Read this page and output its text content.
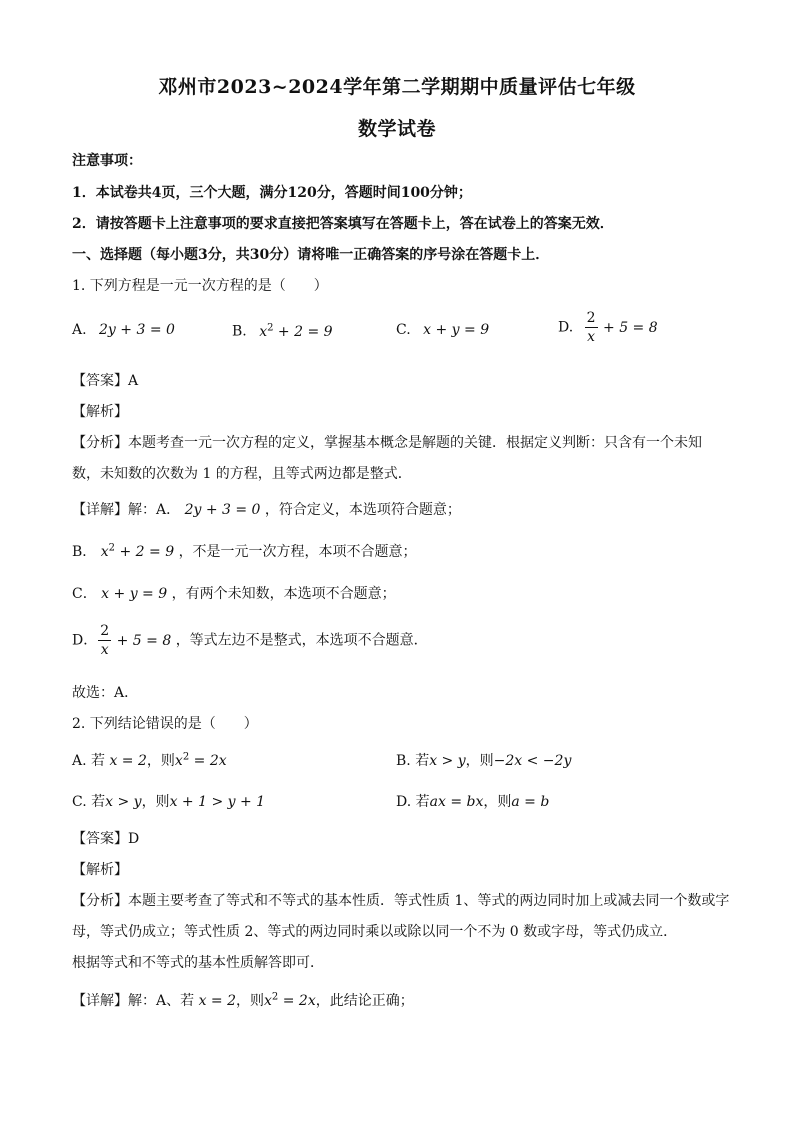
邓州市2023~2024学年第二学期期中质量评估七年级
数学试卷
注意事项：
1．本试卷共4页，三个大题，满分120分，答题时间100分钟；
2．请按答题卡上注意事项的要求直接把答案填写在答题卡上，答在试卷上的答案无效．
一、选择题（每小题3分，共30分）请将唯一正确答案的序号涂在答题卡上．
1. 下列方程是一元一次方程的是（　　）
A. 2y + 3 = 0	B. $x^2 + 2 = 9$	C. x + y = 9	D. $\frac{2}{x} + 5 = 8$
【答案】A
【解析】
【分析】本题考查一元一次方程的定义，掌握基本概念是解题的关键．根据定义判断：只含有一个未知
数，未知数的次数为 1 的方程，且等式两边都是整式．
【详解】解：A． 2y + 3 = 0 ，符合定义，本选项符合题意；
B． $x^2 + 2 = 9$ ，不是一元一次方程，本项不合题意；
C． x + y = 9 ，有两个未知数，本选项不合题意；
D． $\frac{2}{x} + 5 = 8$ ，等式左边不是整式，本选项不合题意．
故选：A．
2. 下列结论错误的是（　　）
A. 若 x = 2，则$x^2 = 2x$	B. 若x > y，则−2x < −2y
C. 若x > y，则x + 1 > y + 1	D. 若ax = bx，则a = b
【答案】D
【解析】
【分析】本题主要考查了等式和不等式的基本性质．等式性质 1、等式的两边同时加上或减去同一个数或字
母，等式仍成立；等式性质 2、等式的两边同时乘以或除以同一个不为 0 数或字母，等式仍成立．
根据等式和不等式的基本性质解答即可．
【详解】解：A、若 x = 2，则$x^2 = 2x$，此结论正确；
